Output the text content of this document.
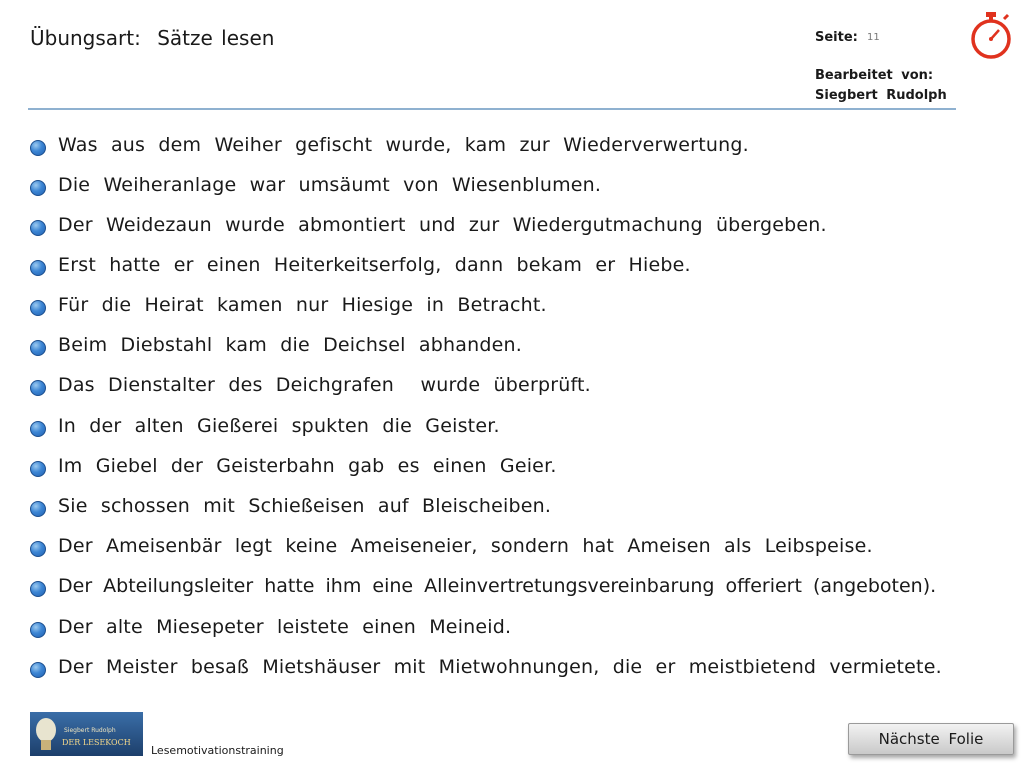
Übungsart: Sätze lesen	Seite: 11
Bearbeitet von:
Siegbert Rudolph
Was aus dem Weiher gefischt wurde, kam zur Wiederverwertung.
Die Weiheranlage war umsäumt von Wiesenblumen.
Der Weidezaun wurde abmontiert und zur Wiedergutmachung übergeben.
Erst hatte er einen Heiterkeitserfolg, dann bekam er Hiebe.
Für die Heirat kamen nur Hiesige in Betracht.
Beim Diebstahl kam die Deichsel abhanden.
Das Dienstalter des Deichgrafen  wurde überprüft.
In der alten Gießerei spukten die Geister.
Im Giebel der Geisterbahn gab es einen Geier.
Sie schossen mit Schießeisen auf Bleischeiben.
Der Ameisenbär legt keine Ameiseneier, sondern hat Ameisen als Leibspeise.
Der Abteilungsleiter hatte ihm eine Alleinvertretungsvereinbarung offeriert (angeboten).
Der alte Miesepeter leistete einen Meineid.
Der Meister besaß Mietshäuser mit Mietwohnungen, die er meistbietend vermietete.
Siegbert Rudolph
DER LESEKOCH
Lesemotivationstraining
Nächste Folie
